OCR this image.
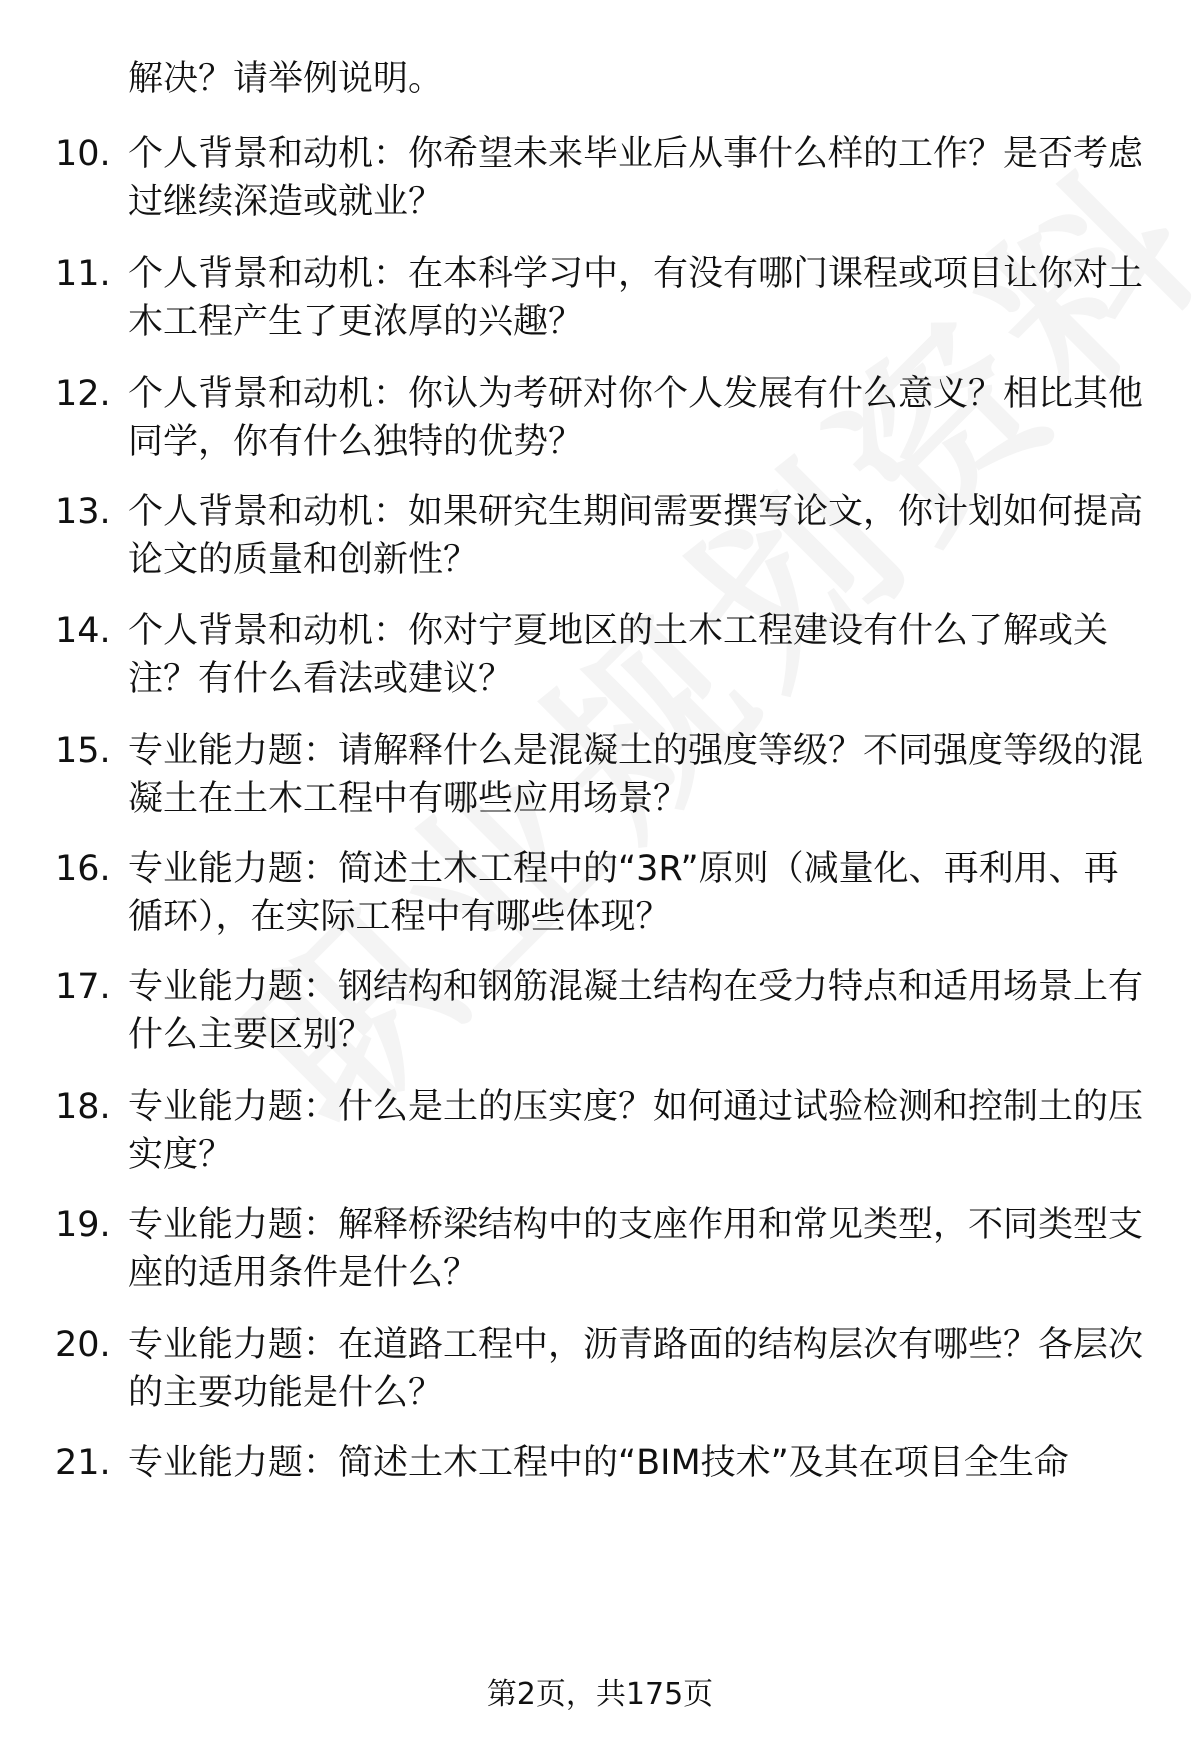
解决？请举例说明。
10. 个人背景和动机：你希望未来毕业后从事什么样的工作？是否考虑过继续深造或就业？
11. 个人背景和动机：在本科学习中，有没有哪门课程或项目让你对土木工程产生了更浓厚的兴趣？
12. 个人背景和动机：你认为考研对你个人发展有什么意义？相比其他同学，你有什么独特的优势？
13. 个人背景和动机：如果研究生期间需要撰写论文，你计划如何提高论文的质量和创新性？
14. 个人背景和动机：你对宁夏地区的土木工程建设有什么了解或关注？有什么看法或建议？
15. 专业能力题：请解释什么是混凝土的强度等级？不同强度等级的混凝土在土木工程中有哪些应用场景？
16. 专业能力题：简述土木工程中的“3R”原则（减量化、再利用、再循环），在实际工程中有哪些体现？
17. 专业能力题：钢结构和钢筋混凝土结构在受力特点和适用场景上有什么主要区别？
18. 专业能力题：什么是土的压实度？如何通过试验检测和控制土的压实度？
19. 专业能力题：解释桥梁结构中的支座作用和常见类型，不同类型支座的适用条件是什么？
20. 专业能力题：在道路工程中，沥青路面的结构层次有哪些？各层次的主要功能是什么？
21. 专业能力题：简述土木工程中的“BIM技术”及其在项目全生命
第2页，共175页
